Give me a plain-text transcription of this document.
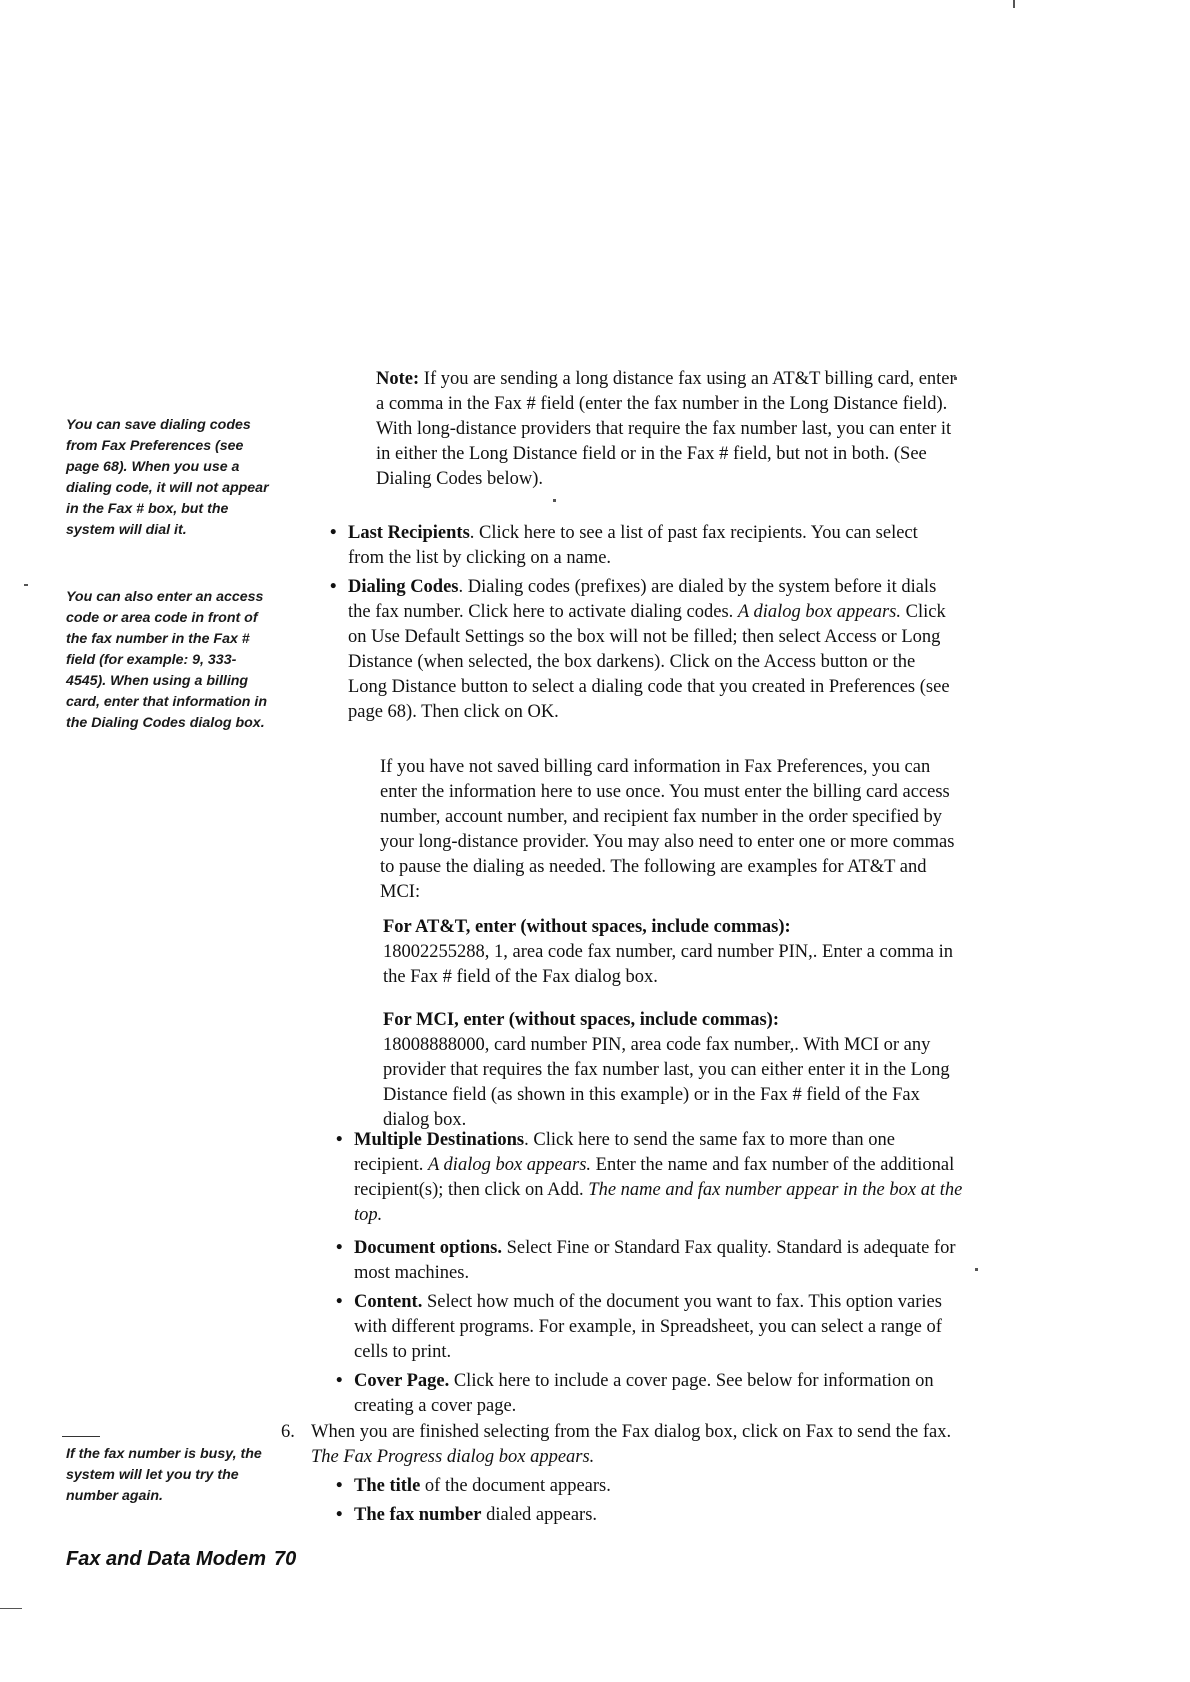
You can save dialing codes from Fax Preferences (see page 68). When you use a dialing code, it will not appear in the Fax # box, but the system will dial it.
You can also enter an access code or area code in front of the fax number in the Fax # field (for example: 9, 333-4545). When using a billing card, enter that information in the Dialing Codes dialog box.
If the fax number is busy, the system will let you try the number again.
Note: If you are sending a long distance fax using an AT&T billing card, enter a comma in the Fax # field (enter the fax number in the Long Distance field). With long-distance providers that require the fax number last, you can enter it in either the Long Distance field or in the Fax # field, but not in both. (See Dialing Codes below).
• Last Recipients. Click here to see a list of past fax recipients. You can select from the list by clicking on a name.
• Dialing Codes. Dialing codes (prefixes) are dialed by the system before it dials the fax number. Click here to activate dialing codes. A dialog box appears. Click on Use Default Settings so the box will not be filled; then select Access or Long Distance (when selected, the box darkens). Click on the Access button or the Long Distance button to select a dialing code that you created in Preferences (see page 68). Then click on OK.
If you have not saved billing card information in Fax Preferences, you can enter the information here to use once. You must enter the billing card access number, account number, and recipient fax number in the order specified by your long-distance provider. You may also need to enter one or more commas to pause the dialing as needed. The following are examples for AT&T and MCI:
For AT&T, enter (without spaces, include commas):
18002255288, 1, area code fax number, card number PIN,. Enter a comma in the Fax # field of the Fax dialog box.
For MCI, enter (without spaces, include commas):
18008888000, card number PIN, area code fax number,. With MCI or any provider that requires the fax number last, you can either enter it in the Long Distance field (as shown in this example) or in the Fax # field of the Fax dialog box.
• Multiple Destinations. Click here to send the same fax to more than one recipient. A dialog box appears. Enter the name and fax number of the additional recipient(s); then click on Add. The name and fax number appear in the box at the top.
• Document options. Select Fine or Standard Fax quality. Standard is adequate for most machines.
• Content. Select how much of the document you want to fax. This option varies with different programs. For example, in Spreadsheet, you can select a range of cells to print.
• Cover Page. Click here to include a cover page. See below for information on creating a cover page.
6. When you are finished selecting from the Fax dialog box, click on Fax to send the fax. The Fax Progress dialog box appears.
• The title of the document appears.
• The fax number dialed appears.
Fax and Data Modem 70
